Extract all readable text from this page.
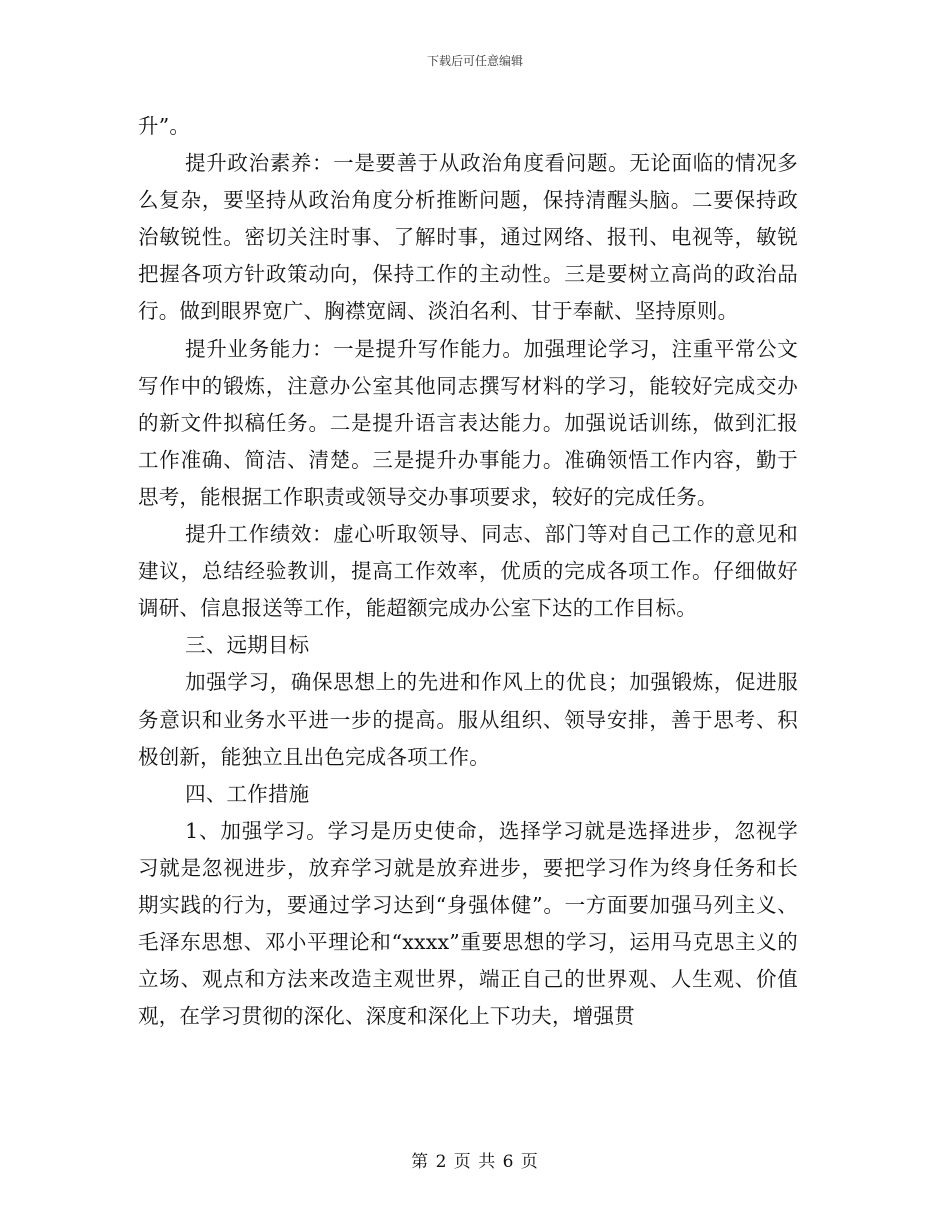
下载后可任意编辑

升”。

提升政治素养：一是要善于从政治角度看问题。无论面临的情况多么复杂，要坚持从政治角度分析推断问题，保持清醒头脑。二要保持政治敏锐性。密切关注时事、了解时事，通过网络、报刊、电视等，敏锐把握各项方针政策动向，保持工作的主动性。三是要树立高尚的政治品行。做到眼界宽广、胸襟宽阔、淡泊名利、甘于奉献、坚持原则。

提升业务能力：一是提升写作能力。加强理论学习，注重平常公文写作中的锻炼，注意办公室其他同志撰写材料的学习，能较好完成交办的新文件拟稿任务。二是提升语言表达能力。加强说话训练，做到汇报工作准确、简洁、清楚。三是提升办事能力。准确领悟工作内容，勤于思考，能根据工作职责或领导交办事项要求，较好的完成任务。

提升工作绩效：虚心听取领导、同志、部门等对自己工作的意见和建议，总结经验教训，提高工作效率，优质的完成各项工作。仔细做好调研、信息报送等工作，能超额完成办公室下达的工作目标。

三、远期目标

加强学习，确保思想上的先进和作风上的优良；加强锻炼，促进服务意识和业务水平进一步的提高。服从组织、领导安排，善于思考、积极创新，能独立且出色完成各项工作。

四、工作措施

1、加强学习。学习是历史使命，选择学习就是选择进步，忽视学习就是忽视进步，放弃学习就是放弃进步，要把学习作为终身任务和长期实践的行为，要通过学习达到“身强体健”。一方面要加强马列主义、毛泽东思想、邓小平理论和“xxxx”重要思想的学习，运用马克思主义的立场、观点和方法来改造主观世界，端正自己的世界观、人生观、价值观，在学习贯彻的深化、深度和深化上下功夫，增强贯

第 2 页 共 6 页
